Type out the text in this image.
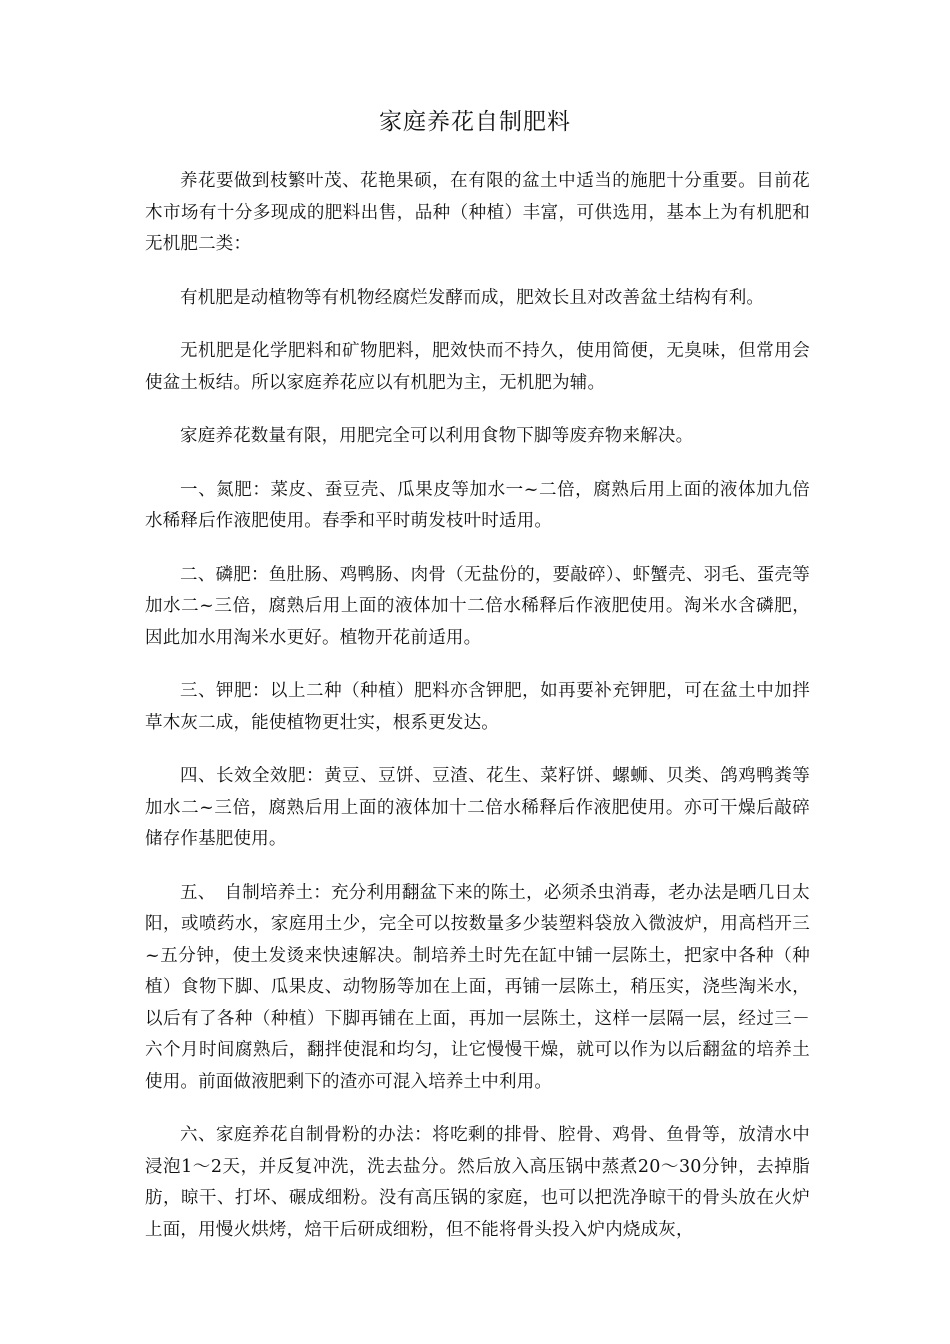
家庭养花自制肥料

养花要做到枝繁叶茂、花艳果硕，在有限的盆土中适当的施肥十分重要。目前花木市场有十分多现成的肥料出售，品种（种植）丰富，可供选用，基本上为有机肥和无机肥二类：

有机肥是动植物等有机物经腐烂发酵而成，肥效长且对改善盆土结构有利。

无机肥是化学肥料和矿物肥料，肥效快而不持久，使用简便，无臭味，但常用会使盆土板结。所以家庭养花应以有机肥为主，无机肥为辅。

家庭养花数量有限，用肥完全可以利用食物下脚等废弃物来解决。

一、氮肥：菜皮、蚕豆壳、瓜果皮等加水一~二倍，腐熟后用上面的液体加九倍水稀释后作液肥使用。春季和平时萌发枝叶时适用。

二、磷肥：鱼肚肠、鸡鸭肠、肉骨（无盐份的，要敲碎）、虾蟹壳、羽毛、蛋壳等加水二~三倍，腐熟后用上面的液体加十二倍水稀释后作液肥使用。淘米水含磷肥，因此加水用淘米水更好。植物开花前适用。

三、钾肥：以上二种（种植）肥料亦含钾肥，如再要补充钾肥，可在盆土中加拌草木灰二成，能使植物更壮实，根系更发达。

四、长效全效肥：黄豆、豆饼、豆渣、花生、菜籽饼、螺蛳、贝类、鸽鸡鸭粪等加水二~三倍，腐熟后用上面的液体加十二倍水稀释后作液肥使用。亦可干燥后敲碎储存作基肥使用。

五、　自制培养土：充分利用翻盆下来的陈土，必须杀虫消毒，老办法是晒几日太阳，或喷药水，家庭用土少，完全可以按数量多少装塑料袋放入微波炉，用高档开三~五分钟，使土发烫来快速解决。制培养土时先在缸中铺一层陈土，把家中各种（种植）食物下脚、瓜果皮、动物肠等加在上面，再铺一层陈土，稍压实，浇些淘米水，以后有了各种（种植）下脚再铺在上面，再加一层陈土，这样一层隔一层，经过三－六个月时间腐熟后，翻拌使混和均匀，让它慢慢干燥，就可以作为以后翻盆的培养土使用。前面做液肥剩下的渣亦可混入培养土中利用。

六、家庭养花自制骨粉的办法：将吃剩的排骨、腔骨、鸡骨、鱼骨等，放清水中浸泡1～2天，并反复冲洗，洗去盐分。然后放入高压锅中蒸煮20～30分钟，去掉脂肪，晾干、打坏、碾成细粉。没有高压锅的家庭，也可以把洗净晾干的骨头放在火炉上面，用慢火烘烤，焙干后研成细粉，但不能将骨头投入炉内烧成灰，
